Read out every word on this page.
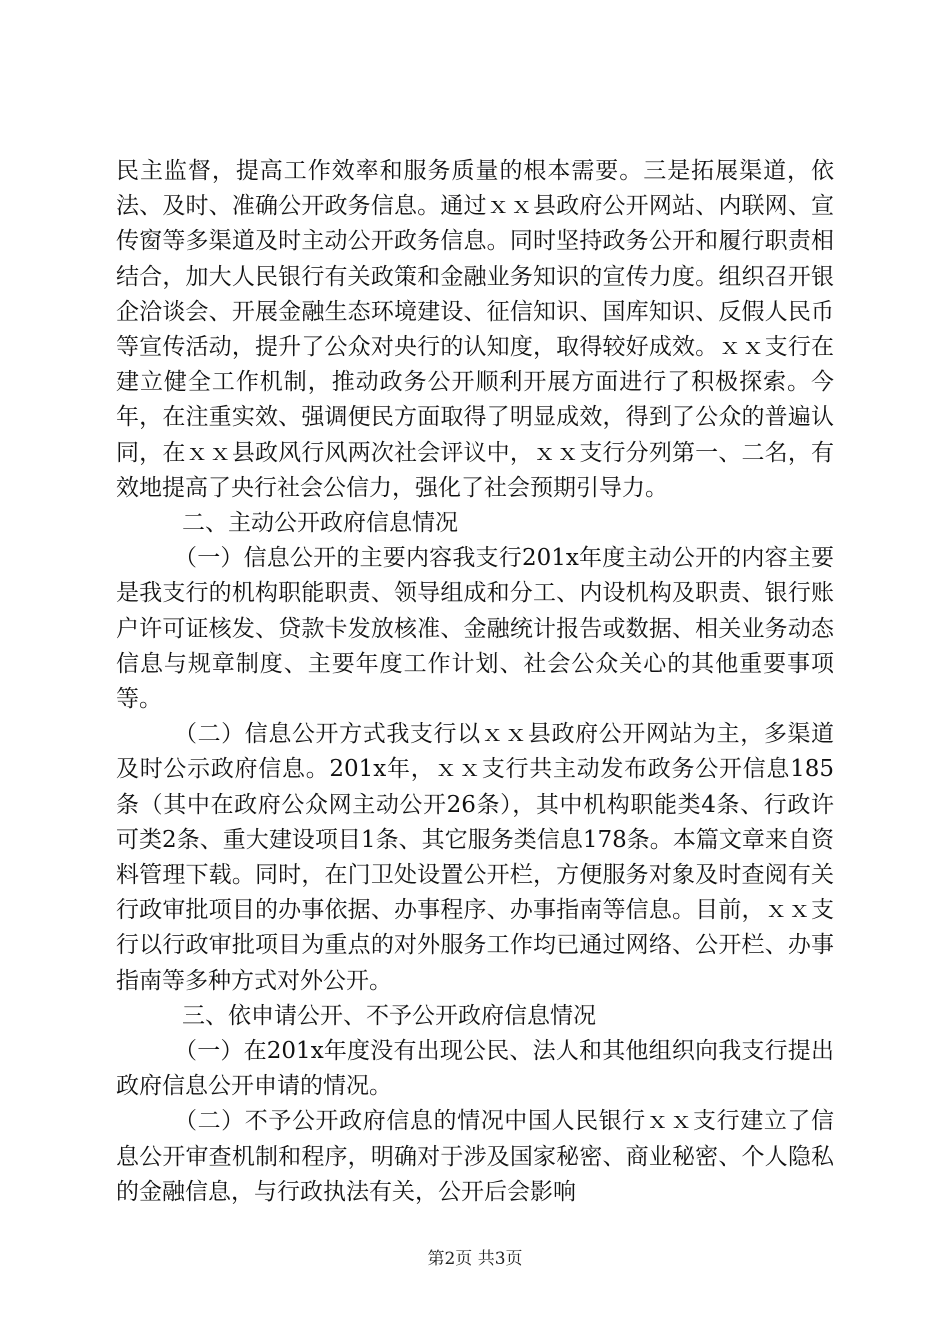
民主监督，提高工作效率和服务质量的根本需要。三是拓展渠道，依法、及时、准确公开政务信息。通过ｘｘ县政府公开网站、内联网、宣传窗等多渠道及时主动公开政务信息。同时坚持政务公开和履行职责相结合，加大人民银行有关政策和金融业务知识的宣传力度。组织召开银企洽谈会、开展金融生态环境建设、征信知识、国库知识、反假人民币等宣传活动，提升了公众对央行的认知度，取得较好成效。ｘｘ支行在建立健全工作机制，推动政务公开顺利开展方面进行了积极探索。今年，在注重实效、强调便民方面取得了明显成效，得到了公众的普遍认同，在ｘｘ县政风行风两次社会评议中，ｘｘ支行分列第一、二名，有效地提高了央行社会公信力，强化了社会预期引导力。

二、主动公开政府信息情况

（一）信息公开的主要内容我支行201x年度主动公开的内容主要是我支行的机构职能职责、领导组成和分工、内设机构及职责、银行账户许可证核发、贷款卡发放核准、金融统计报告或数据、相关业务动态信息与规章制度、主要年度工作计划、社会公众关心的其他重要事项等。

（二）信息公开方式我支行以ｘｘ县政府公开网站为主，多渠道及时公示政府信息。201x年，ｘｘ支行共主动发布政务公开信息185条（其中在政府公众网主动公开26条），其中机构职能类4条、行政许可类2条、重大建设项目1条、其它服务类信息178条。本篇文章来自资料管理下载。同时，在门卫处设置公开栏，方便服务对象及时查阅有关行政审批项目的办事依据、办事程序、办事指南等信息。目前，ｘｘ支行以行政审批项目为重点的对外服务工作均已通过网络、公开栏、办事指南等多种方式对外公开。

三、依申请公开、不予公开政府信息情况

（一）在201x年度没有出现公民、法人和其他组织向我支行提出政府信息公开申请的情况。

（二）不予公开政府信息的情况中国人民银行ｘｘ支行建立了信息公开审查机制和程序，明确对于涉及国家秘密、商业秘密、个人隐私的金融信息，与行政执法有关，公开后会影响

第2页 共3页
